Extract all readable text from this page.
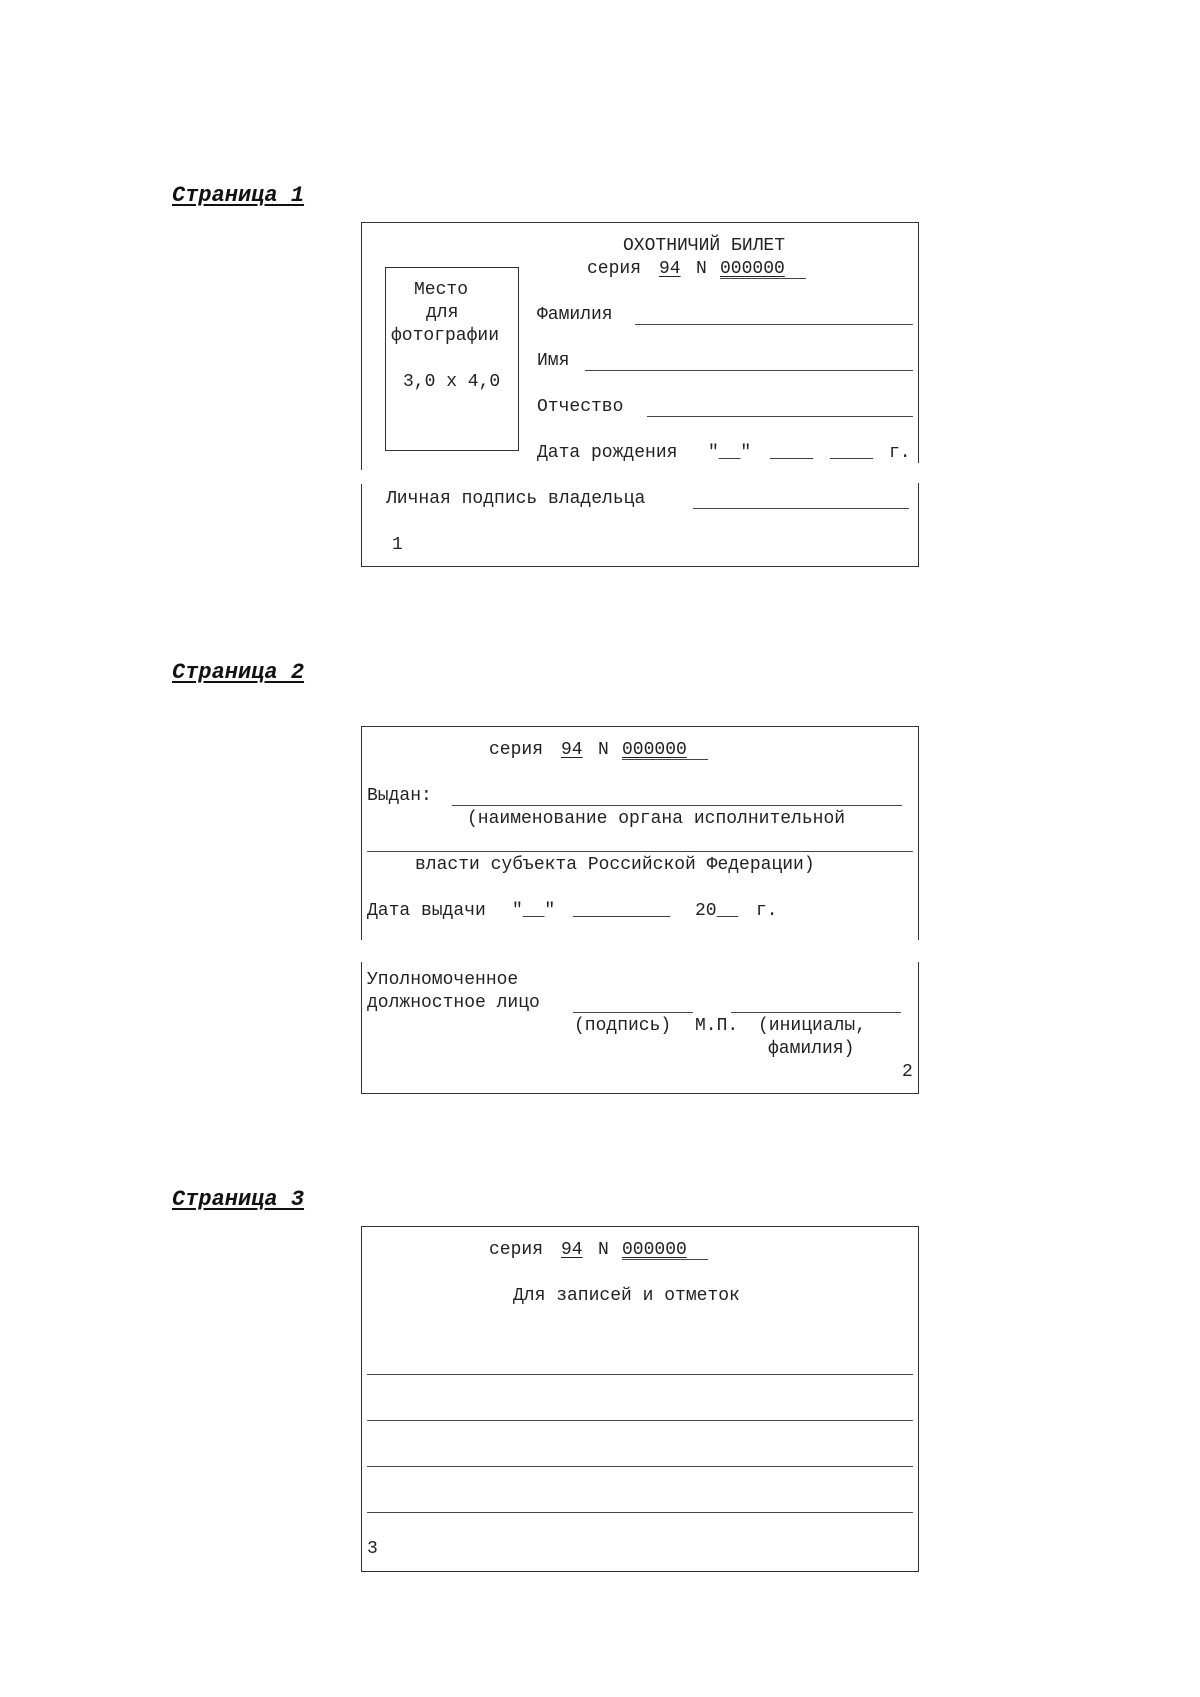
Страница 1
ОХОТНИЧИЙ БИЛЕТ
серия 94 N 000000
Место
для
фотографии
3,0 х 4,0
Фамилия
Имя
Отчество
Дата рождения "__" ____ ____ г.
Личная подпись владельца
1
Страница 2
серия 94 N 000000
Выдан:
(наименование органа исполнительной
власти субъекта Российской Федерации)
Дата выдачи "__" _________ 20__ г.
Уполномоченное
должностное лицо
(подпись) М.П. (инициалы,
фамилия)
2
Страница 3
серия 94 N 000000
Для записей и отметок
3
